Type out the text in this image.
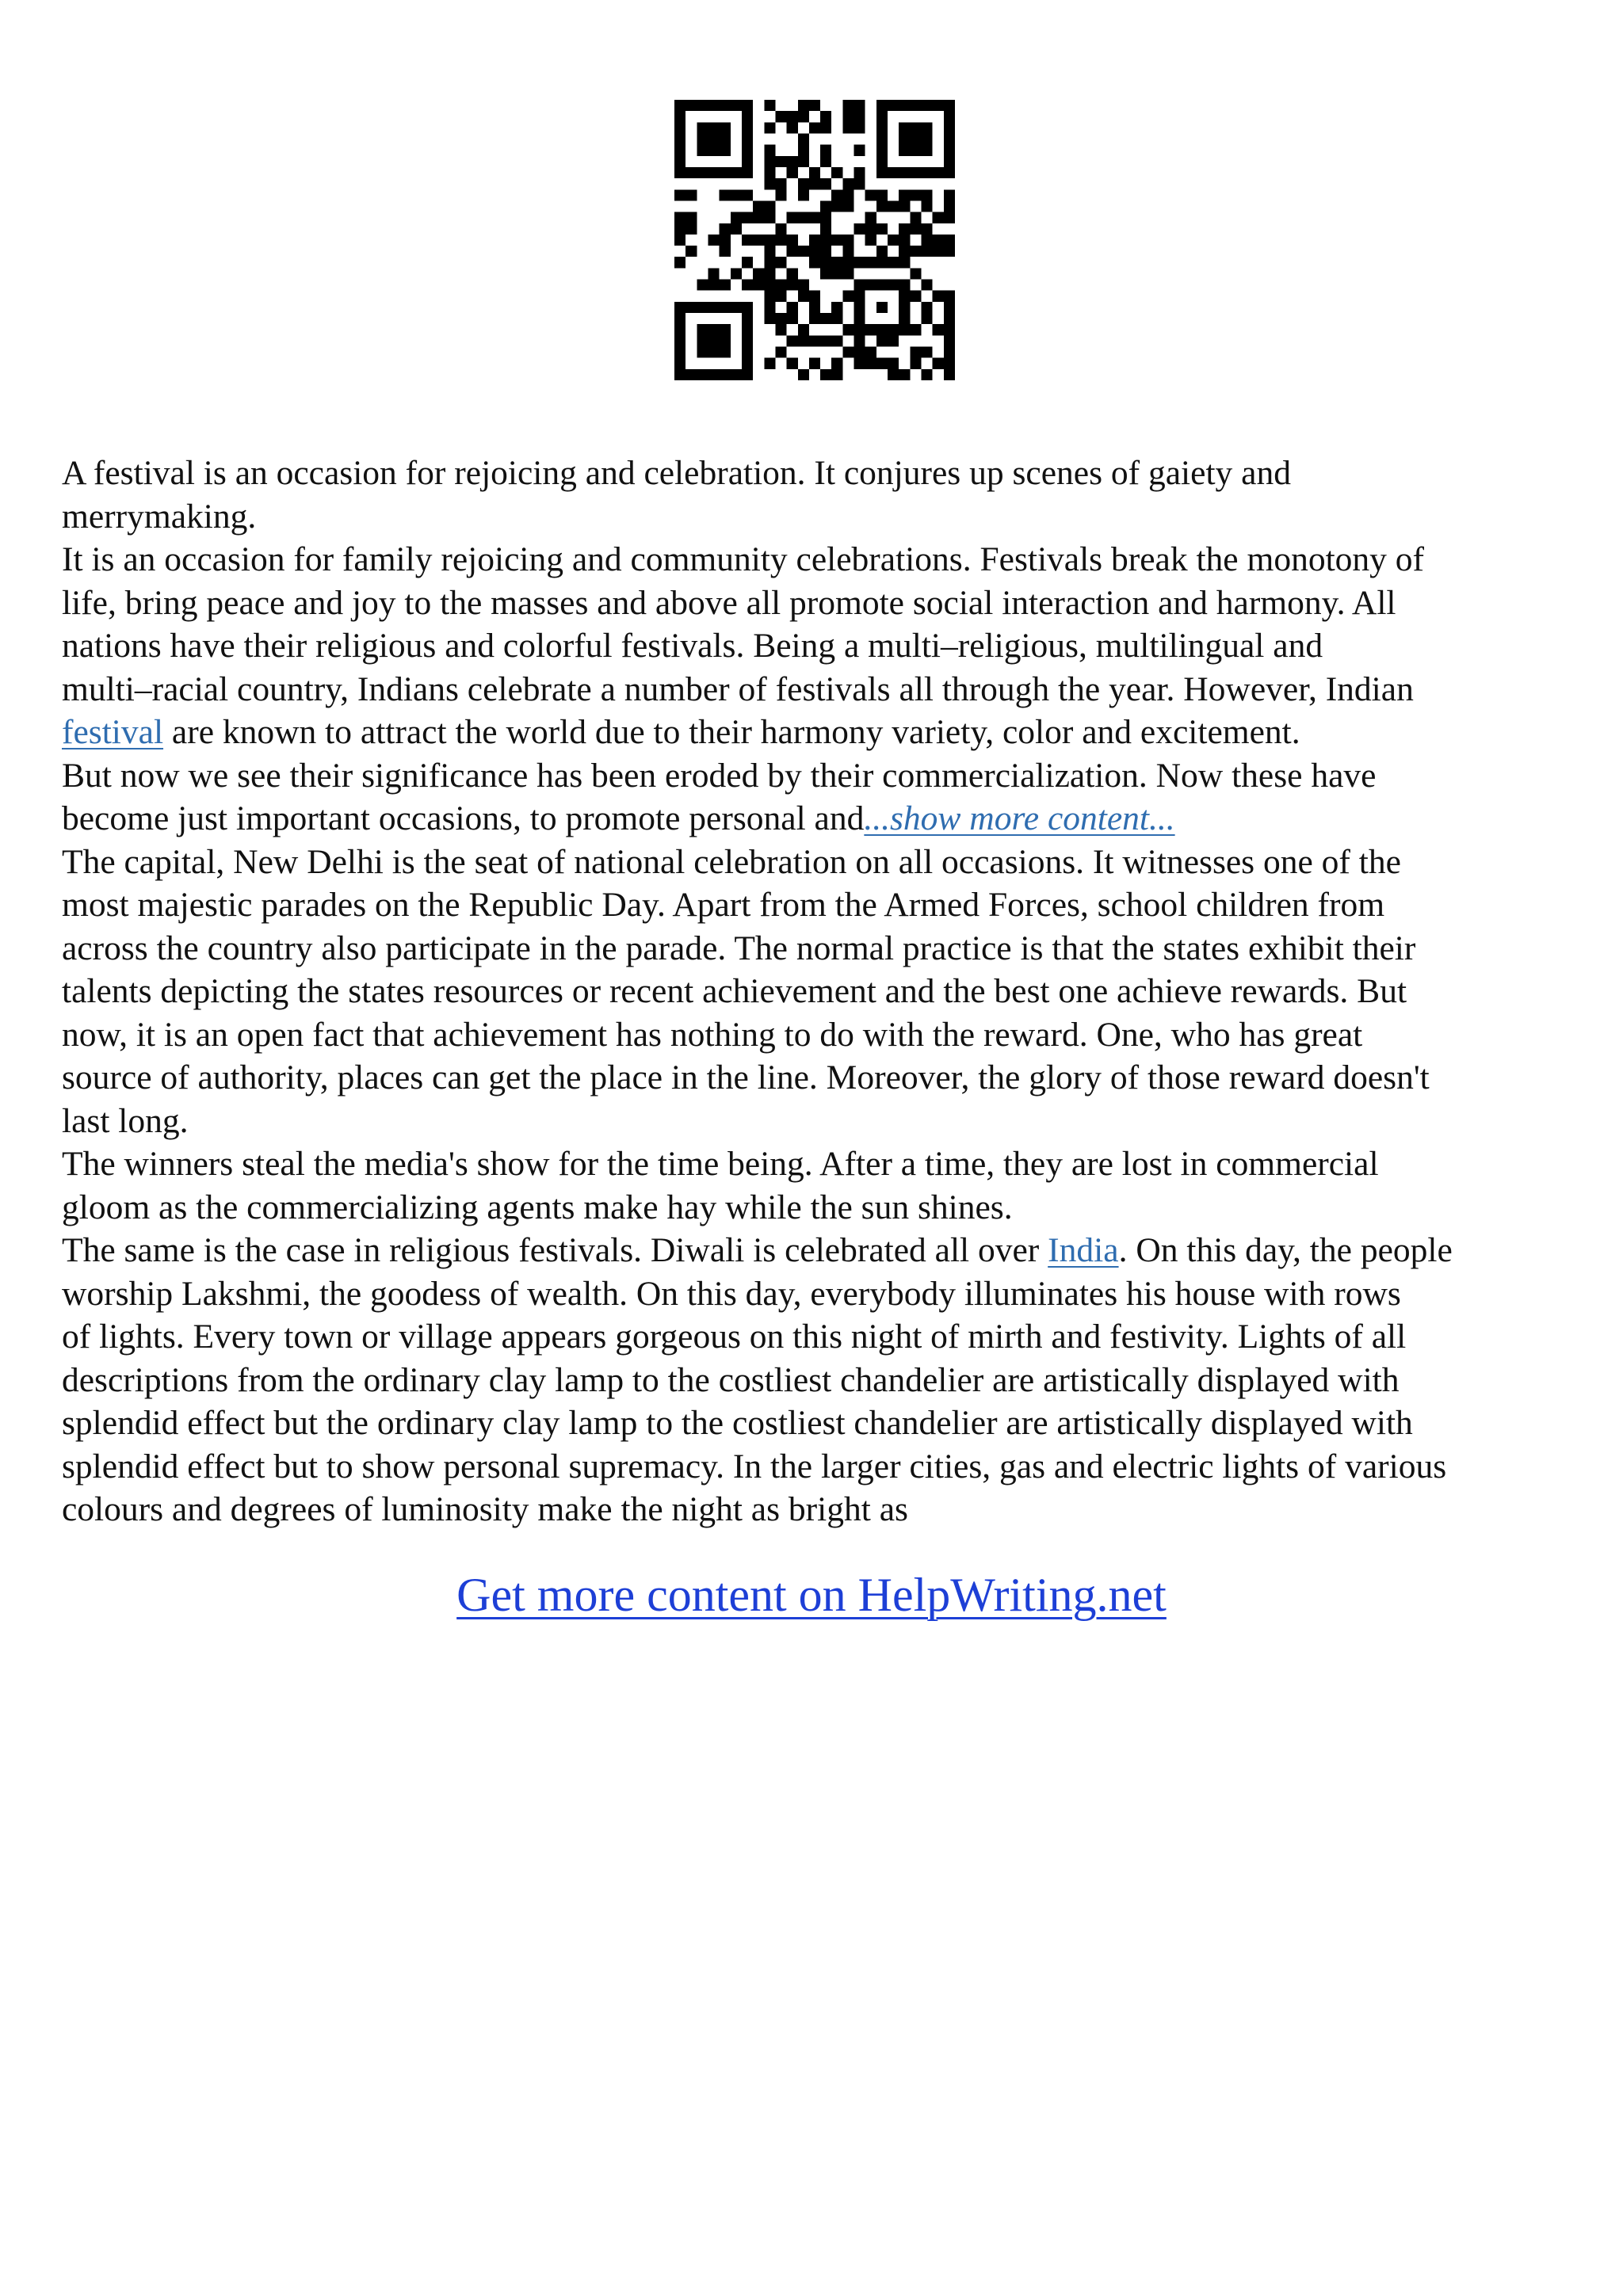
A festival is an occasion for rejoicing and celebration. It conjures up scenes of gaiety and
merrymaking.
It is an occasion for family rejoicing and community celebrations. Festivals break the monotony of
life, bring peace and joy to the masses and above all promote social interaction and harmony. All
nations have their religious and colorful festivals. Being a multi–religious, multilingual and
multi–racial country, Indians celebrate a number of festivals all through the year. However, Indian
festival are known to attract the world due to their harmony variety, color and excitement.
But now we see their significance has been eroded by their commercialization. Now these have
become just important occasions, to promote personal and...show more content...
The capital, New Delhi is the seat of national celebration on all occasions. It witnesses one of the
most majestic parades on the Republic Day. Apart from the Armed Forces, school children from
across the country also participate in the parade. The normal practice is that the states exhibit their
talents depicting the states resources or recent achievement and the best one achieve rewards. But
now, it is an open fact that achievement has nothing to do with the reward. One, who has great
source of authority, places can get the place in the line. Moreover, the glory of those reward doesn't
last long.
The winners steal the media's show for the time being. After a time, they are lost in commercial
gloom as the commercializing agents make hay while the sun shines.
The same is the case in religious festivals. Diwali is celebrated all over India. On this day, the people
worship Lakshmi, the goodess of wealth. On this day, everybody illuminates his house with rows
of lights. Every town or village appears gorgeous on this night of mirth and festivity. Lights of all
descriptions from the ordinary clay lamp to the costliest chandelier are artistically displayed with
splendid effect but the ordinary clay lamp to the costliest chandelier are artistically displayed with
splendid effect but to show personal supremacy. In the larger cities, gas and electric lights of various
colours and degrees of luminosity make the night as bright as
Get more content on HelpWriting.net
